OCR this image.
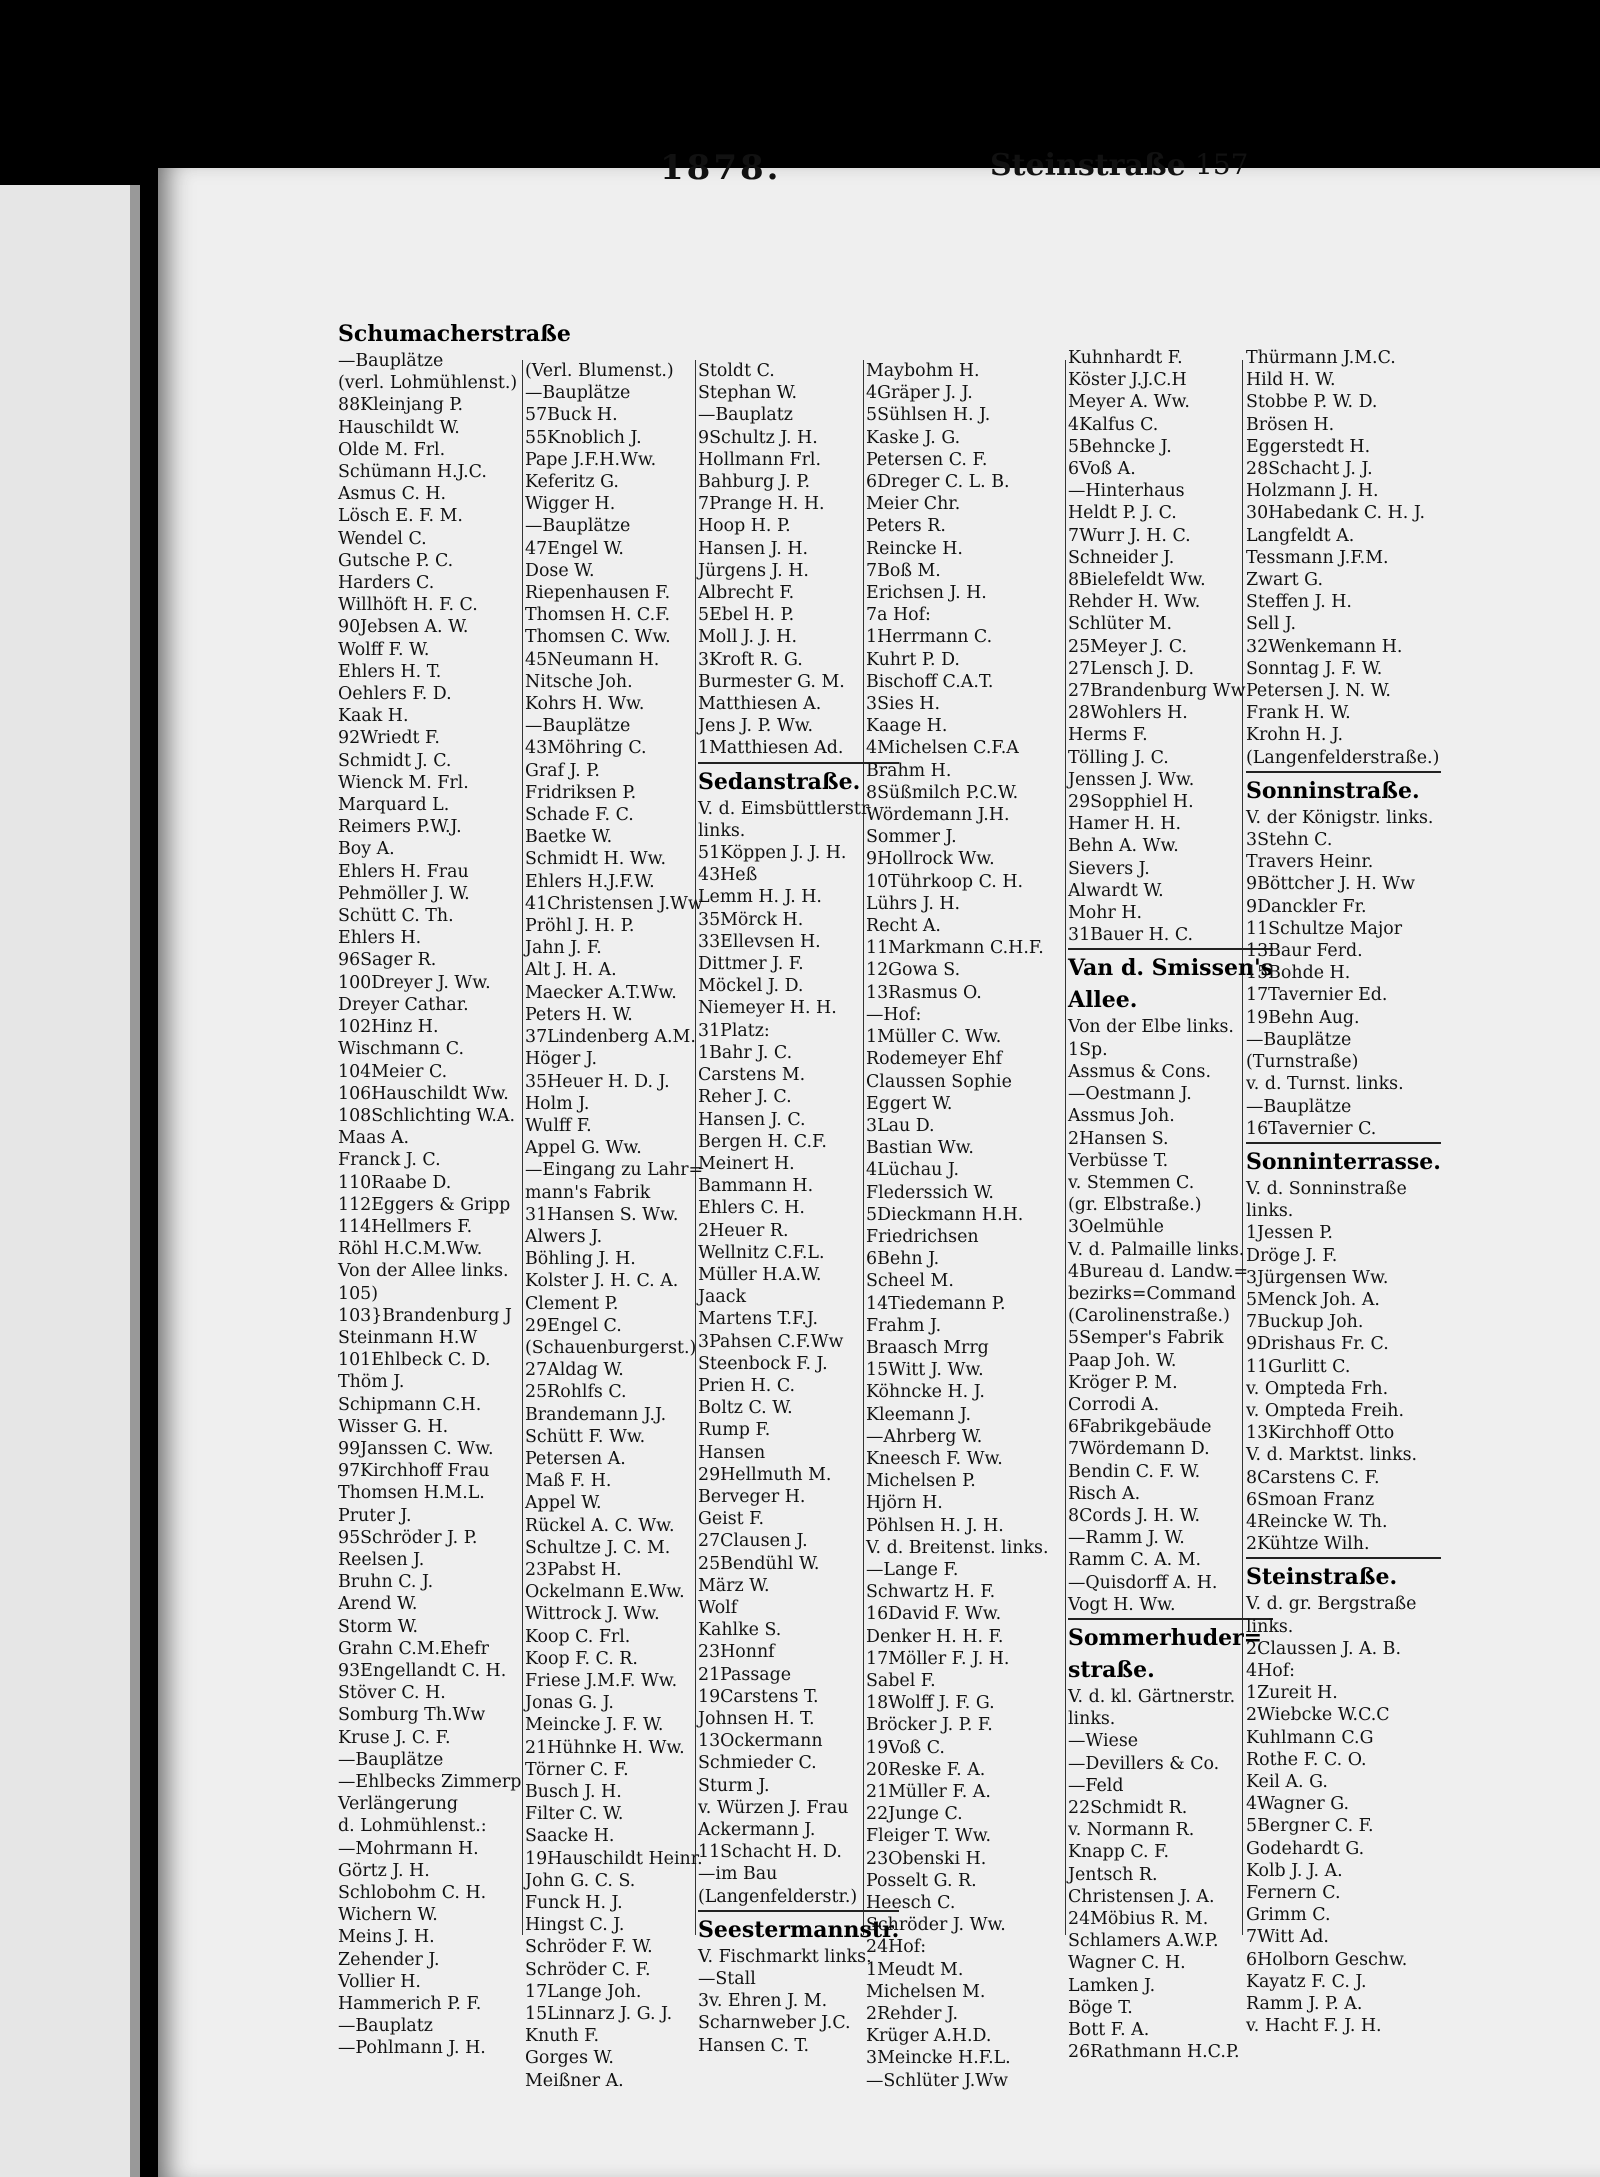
1878.	Steinstraße 157
Schumacherstraße
—Bauplätze
(verl. Lohmühlenst.)
88Kleinjang P.
Hauschildt W.
Olde M. Frl.
Schümann H.J.C.
Asmus C. H.
Lösch E. F. M.
Wendel C.
Gutsche P. C.
Harders C.
Willhöft H. F. C.
90Jebsen A. W.
Wolff F. W.
Ehlers H. T.
Oehlers F. D.
Kaak H.
92Wriedt F.
Schmidt J. C.
Wienck M. Frl.
Marquard L.
Reimers P.W.J.
Boy A.
Ehlers H. Frau
Pehmöller J. W.
Schütt C. Th.
Ehlers H.
96Sager R.
100Dreyer J. Ww.
Dreyer Cathar.
102Hinz H.
Wischmann C.
104Meier C.
106Hauschildt Ww.
108Schlichting W.A.
Maas A.
Franck J. C.
110Raabe D.
112Eggers & Gripp
114Hellmers F.
Röhl H.C.M.Ww.
Von der Allee links.
105)
103}Brandenburg J
Steinmann H.W
101Ehlbeck C. D.
Thöm J.
Schipmann C.H.
Wisser G. H.
99Janssen C. Ww.
97Kirchhoff Frau
Thomsen H.M.L.
Pruter J.
95Schröder J. P.
Reelsen J.
Bruhn C. J.
Arend W.
Storm W.
Grahn C.M.Ehefr
93Engellandt C. H.
Stöver C. H.
Somburg Th.Ww
Kruse J. C. F.
—Bauplätze
—Ehlbecks Zimmerp
Verlängerung
d. Lohmühlenst.:
—Mohrmann H.
Görtz J. H.
Schlobohm C. H.
Wichern W.
Meins J. H.
Zehender J.
Vollier H.
Hammerich P. F.
—Bauplatz
—Pohlmann J. H.
(Verl. Blumenst.)
—Bauplätze
57Buck H.
55Knoblich J.
Pape J.F.H.Ww.
Keferitz G.
Wigger H.
—Bauplätze
47Engel W.
Dose W.
Riepenhausen F.
Thomsen H. C.F.
Thomsen C. Ww.
45Neumann H.
Nitsche Joh.
Kohrs H. Ww.
—Bauplätze
43Möhring C.
Graf J. P.
Fridriksen P.
Schade F. C.
Baetke W.
Schmidt H. Ww.
Ehlers H.J.F.W.
41Christensen J.Ww
Pröhl J. H. P.
Jahn J. F.
Alt J. H. A.
Maecker A.T.Ww.
Peters H. W.
37Lindenberg A.M.
Höger J.
35Heuer H. D. J.
Holm J.
Wulff F.
Appel G. Ww.
—Eingang zu Lahr=
mann's Fabrik
31Hansen S. Ww.
Alwers J.
Böhling J. H.
Kolster J. H. C. A.
Clement P.
29Engel C.
(Schauenburgerst.)
27Aldag W.
25Rohlfs C.
Brandemann J.J.
Schütt F. Ww.
Petersen A.
Maß F. H.
Appel W.
Rückel A. C. Ww.
Schultze J. C. M.
23Pabst H.
Ockelmann E.Ww.
Wittrock J. Ww.
Koop C. Frl.
Koop F. C. R.
Friese J.M.F. Ww.
Jonas G. J.
Meincke J. F. W.
21Hühnke H. Ww.
Törner C. F.
Busch J. H.
Filter C. W.
Saacke H.
19Hauschildt Heinr.
John G. C. S.
Funck H. J.
Hingst C. J.
Schröder F. W.
Schröder C. F.
17Lange Joh.
15Linnarz J. G. J.
Knuth F.
Gorges W.
Meißner A.
Stoldt C.
Stephan W.
—Bauplatz
9Schultz J. H.
Hollmann Frl.
Bahburg J. P.
7Prange H. H.
Hoop H. P.
Hansen J. H.
Jürgens J. H.
Albrecht F.
5Ebel H. P.
Moll J. J. H.
3Kroft R. G.
Burmester G. M.
Matthiesen A.
Jens J. P. Ww.
1Matthiesen Ad.
Sedanstraße.
V. d. Eimsbüttlerstr.
links.
51Köppen J. J. H.
43Heß
Lemm H. J. H.
35Mörck H.
33Ellevsen H.
Dittmer J. F.
Möckel J. D.
Niemeyer H. H.
31Platz:
1Bahr J. C.
Carstens M.
Reher J. C.
Hansen J. C.
Bergen H. C.F.
Meinert H.
Bammann H.
Ehlers C. H.
2Heuer R.
Wellnitz C.F.L.
Müller H.A.W.
Jaack
Martens T.F.J.
3Pahsen C.F.Ww
Steenbock F. J.
Prien H. C.
Boltz C. W.
Rump F.
Hansen
29Hellmuth M.
Berveger H.
Geist F.
27Clausen J.
25Bendühl W.
März W.
Wolf
Kahlke S.
23Honnf
21Passage
19Carstens T.
Johnsen H. T.
13Ockermann
Schmieder C.
Sturm J.
v. Würzen J. Frau
Ackermann J.
11Schacht H. D.
—im Bau
(Langenfelderstr.)
Seestermannstr.
V. Fischmarkt links.
—Stall
3v. Ehren J. M.
Scharnweber J.C.
Hansen C. T.
Maybohm H.
4Gräper J. J.
5Sühlsen H. J.
Kaske J. G.
Petersen C. F.
6Dreger C. L. B.
Meier Chr.
Peters R.
Reincke H.
7Boß M.
Erichsen J. H.
7a Hof:
1Herrmann C.
Kuhrt P. D.
Bischoff C.A.T.
3Sies H.
Kaage H.
4Michelsen C.F.A
Brahm H.
8Süßmilch P.C.W.
Wördemann J.H.
Sommer J.
9Hollrock Ww.
10Tührkoop C. H.
Lührs J. H.
Recht A.
11Markmann C.H.F.
12Gowa S.
13Rasmus O.
—Hof:
1Müller C. Ww.
Rodemeyer Ehf
Claussen Sophie
Eggert W.
3Lau D.
Bastian Ww.
4Lüchau J.
Flederssich W.
5Dieckmann H.H.
Friedrichsen
6Behn J.
Scheel M.
14Tiedemann P.
Frahm J.
Braasch Mrrg
15Witt J. Ww.
Köhncke H. J.
Kleemann J.
—Ahrberg W.
Kneesch F. Ww.
Michelsen P.
Hjörn H.
Pöhlsen H. J. H.
V. d. Breitenst. links.
—Lange F.
Schwartz H. F.
16David F. Ww.
Denker H. H. F.
17Möller F. J. H.
Sabel F.
18Wolff J. F. G.
Bröcker J. P. F.
19Voß C.
20Reske F. A.
21Müller F. A.
22Junge C.
Fleiger T. Ww.
23Obenski H.
Posselt G. R.
Heesch C.
Schröder J. Ww.
24Hof:
1Meudt M.
Michelsen M.
2Rehder J.
Krüger A.H.D.
3Meincke H.F.L.
—Schlüter J.Ww
Kuhnhardt F.
Köster J.J.C.H
Meyer A. Ww.
4Kalfus C.
5Behncke J.
6Voß A.
—Hinterhaus
Heldt P. J. C.
7Wurr J. H. C.
Schneider J.
8Bielefeldt Ww.
Rehder H. Ww.
Schlüter M.
25Meyer J. C.
27Lensch J. D.
27Brandenburg Ww
28Wohlers H.
Herms F.
Tölling J. C.
Jenssen J. Ww.
29Sopphiel H.
Hamer H. H.
Behn A. Ww.
Sievers J.
Alwardt W.
Mohr H.
31Bauer H. C.
Van d. Smissen's
Allee.
Von der Elbe links.
1Sp.
Assmus & Cons.
—Oestmann J.
Assmus Joh.
2Hansen S.
Verbüsse T.
v. Stemmen C.
(gr. Elbstraße.)
3Oelmühle
V. d. Palmaille links.
4Bureau d. Landw.=
bezirks=Command
(Carolinenstraße.)
5Semper's Fabrik
Paap Joh. W.
Kröger P. M.
Corrodi A.
6Fabrikgebäude
7Wördemann D.
Bendin C. F. W.
Risch A.
8Cords J. H. W.
—Ramm J. W.
Ramm C. A. M.
—Quisdorff A. H.
Vogt H. Ww.
Sommerhuder=
straße.
V. d. kl. Gärtnerstr.
links.
—Wiese
—Devillers & Co.
—Feld
22Schmidt R.
v. Normann R.
Knapp C. F.
Jentsch R.
Christensen J. A.
24Möbius R. M.
Schlamers A.W.P.
Wagner C. H.
Lamken J.
Böge T.
Bott F. A.
26Rathmann H.C.P.
Thürmann J.M.C.
Hild H. W.
Stobbe P. W. D.
Brösen H.
Eggerstedt H.
28Schacht J. J.
Holzmann J. H.
30Habedank C. H. J.
Langfeldt A.
Tessmann J.F.M.
Zwart G.
Steffen J. H.
Sell J.
32Wenkemann H.
Sonntag J. F. W.
Petersen J. N. W.
Frank H. W.
Krohn H. J.
(Langenfelderstraße.)
Sonninstraße.
V. der Königstr. links.
3Stehn C.
Travers Heinr.
9Böttcher J. H. Ww
9Danckler Fr.
11Schultze Major
13Baur Ferd.
15Bohde H.
17Tavernier Ed.
19Behn Aug.
—Bauplätze
(Turnstraße)
v. d. Turnst. links.
—Bauplätze
16Tavernier C.
Sonninterrasse.
V. d. Sonninstraße
links.
1Jessen P.
Dröge J. F.
3Jürgensen Ww.
5Menck Joh. A.
7Buckup Joh.
9Drishaus Fr. C.
11Gurlitt C.
v. Ompteda Frh.
v. Ompteda Freih.
13Kirchhoff Otto
V. d. Marktst. links.
8Carstens C. F.
6Smoan Franz
4Reincke W. Th.
2Kühtze Wilh.
Steinstraße.
V. d. gr. Bergstraße
links.
2Claussen J. A. B.
4Hof:
1Zureit H.
2Wiebcke W.C.C
Kuhlmann C.G
Rothe F. C. O.
Keil A. G.
4Wagner G.
5Bergner C. F.
Godehardt G.
Kolb J. J. A.
Fernern C.
Grimm C.
7Witt Ad.
6Holborn Geschw.
Kayatz F. C. J.
Ramm J. P. A.
v. Hacht F. J. H.
